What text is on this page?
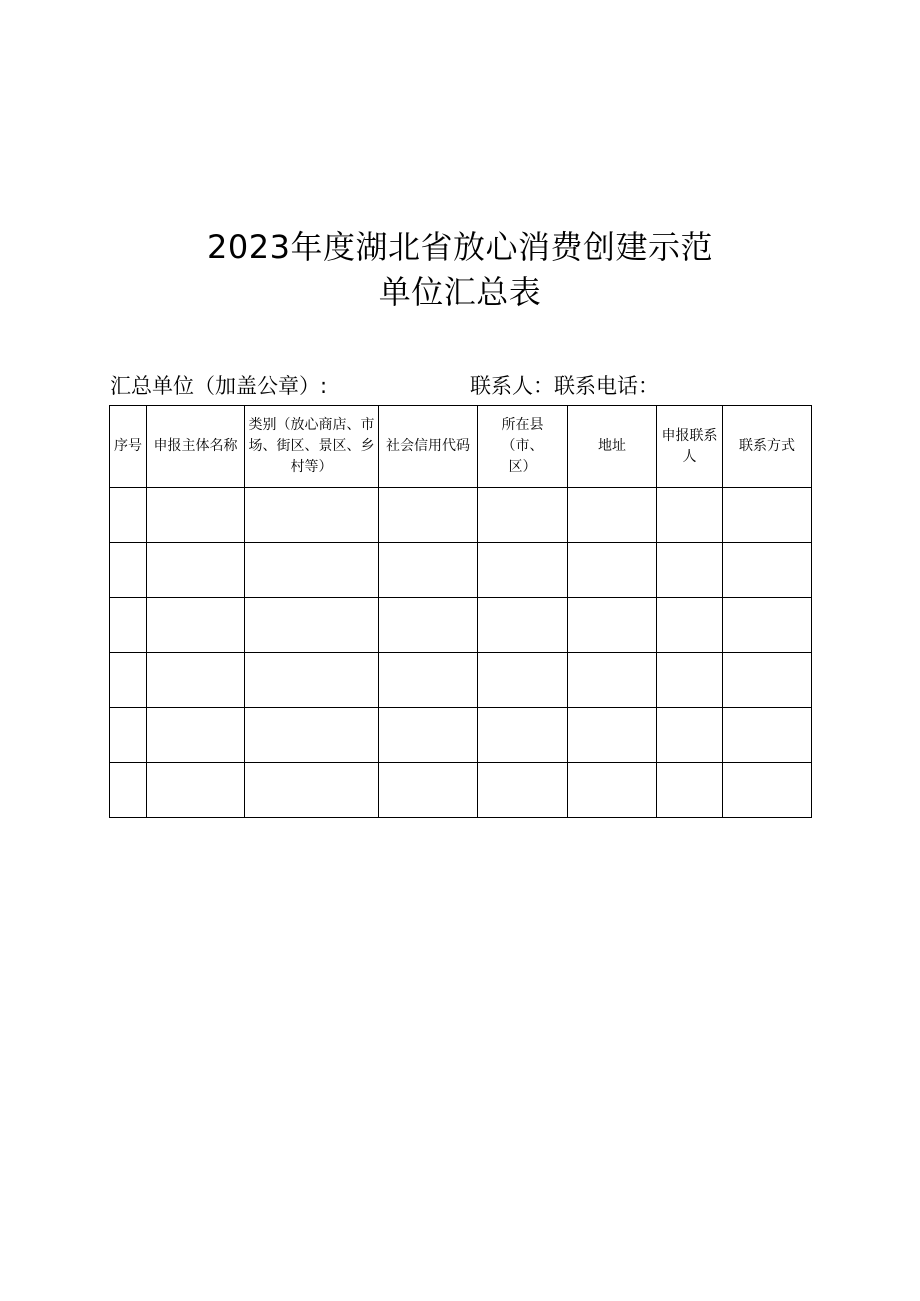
2023年度湖北省放心消费创建示范
单位汇总表
汇总单位（加盖公章）:	联系人：联系电话：
序号	申报主体名称	类别（放心商店、市场、街区、景区、乡村等）	社会信用代码	所在县（市、区）	地址	申报联系人	联系方式
